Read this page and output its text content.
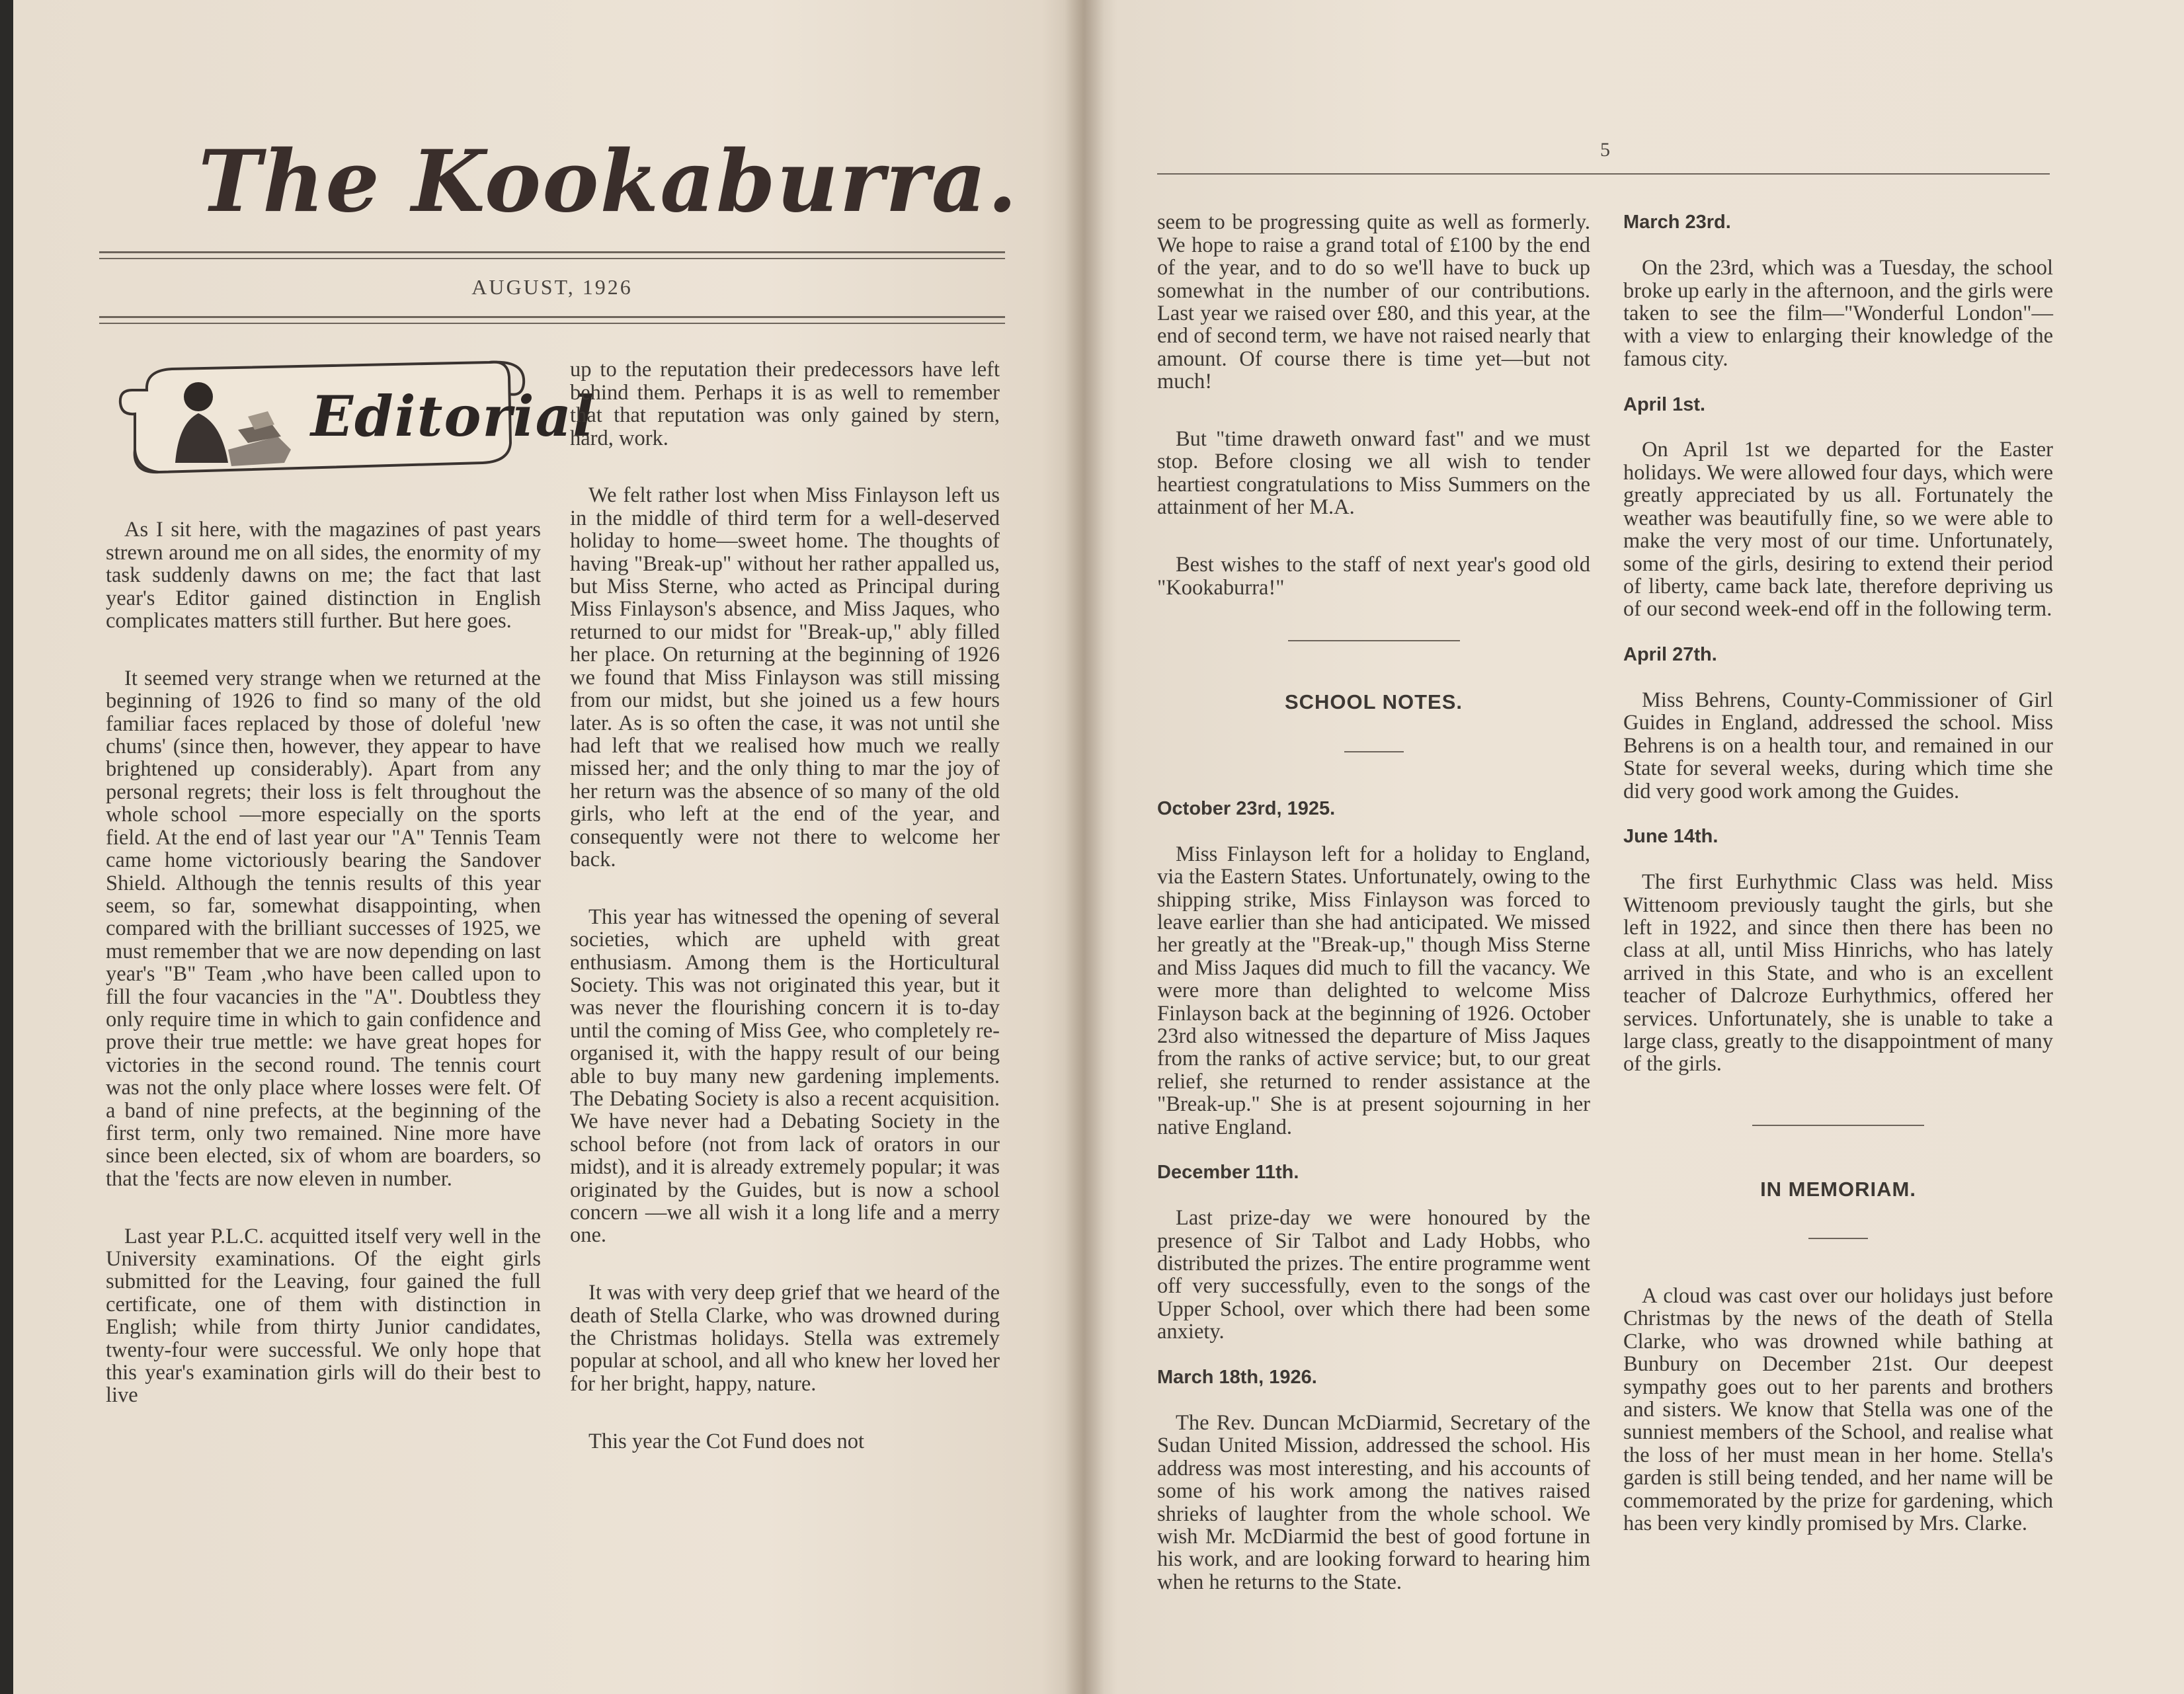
The Kookaburra.
AUGUST, 1926
Editorial

As I sit here, with the magazines of past years strewn around me on all sides, the enormity of my task suddenly dawns on me; the fact that last year's Editor gained distinction in English complicates matters still further. But here goes.

It seemed very strange when we returned at the beginning of 1926 to find so many of the old familiar faces replaced by those of doleful 'new chums' (since then, however, they appear to have brightened up considerably). Apart from any personal regrets; their loss is felt throughout the whole school —more especially on the sports field. At the end of last year our "A" Tennis Team came home victoriously bearing the Sandover Shield. Although the tennis results of this year seem, so far, somewhat disappointing, when compared with the brilliant successes of 1925, we must remember that we are now depending on last year's "B" Team ,who have been called upon to fill the four vacancies in the "A". Doubtless they only require time in which to gain confidence and prove their true mettle: we have great hopes for victories in the second round. The tennis court was not the only place where losses were felt. Of a band of nine prefects, at the beginning of the first term, only two remained. Nine more have since been elected, six of whom are boarders, so that the 'fects are now eleven in number.

Last year P.L.C. acquitted itself very well in the University examinations. Of the eight girls submitted for the Leaving, four gained the full certificate, one of them with distinction in English; while from thirty Junior candidates, twenty-four were successful. We only hope that this year's examination girls will do their best to live

up to the reputation their predecessors have left behind them. Perhaps it is as well to remember that that reputation was only gained by stern, hard, work.

We felt rather lost when Miss Finlayson left us in the middle of third term for a well-deserved holiday to home—sweet home. The thoughts of having "Break-up" without her rather appalled us, but Miss Sterne, who acted as Principal during Miss Finlayson's absence, and Miss Jaques, who returned to our midst for "Break-up," ably filled her place. On returning at the beginning of 1926 we found that Miss Finlayson was still missing from our midst, but she joined us a few hours later. As is so often the case, it was not until she had left that we realised how much we really missed her; and the only thing to mar the joy of her return was the absence of so many of the old girls, who left at the end of the year, and consequently were not there to welcome her back.

This year has witnessed the opening of several societies, which are upheld with great enthusiasm. Among them is the Horticultural Society. This was not originated this year, but it was never the flourishing concern it is to-day until the coming of Miss Gee, who completely re-organised it, with the happy result of our being able to buy many new gardening implements. The Debating Society is also a recent acquisition. We have never had a Debating Society in the school before (not from lack of orators in our midst), and it is already extremely popular; it was originated by the Guides, but is now a school concern —we all wish it a long life and a merry one.

It was with very deep grief that we heard of the death of Stella Clarke, who was drowned during the Christmas holidays. Stella was extremely popular at school, and all who knew her loved her for her bright, happy, nature.

This year the Cot Fund does not

5

seem to be progressing quite as well as formerly. We hope to raise a grand total of £100 by the end of the year, and to do so we'll have to buck up somewhat in the number of our contributions. Last year we raised over £80, and this year, at the end of second term, we have not raised nearly that amount. Of course there is time yet—but not much!

But "time draweth onward fast" and we must stop. Before closing we all wish to tender heartiest congratulations to Miss Summers on the attainment of her M.A.

Best wishes to the staff of next year's good old "Kookaburra!"

SCHOOL NOTES.

October 23rd, 1925.

Miss Finlayson left for a holiday to England, via the Eastern States. Unfortunately, owing to the shipping strike, Miss Finlayson was forced to leave earlier than she had anticipated. We missed her greatly at the "Break-up," though Miss Sterne and Miss Jaques did much to fill the vacancy. We were more than delighted to welcome Miss Finlayson back at the beginning of 1926. October 23rd also witnessed the departure of Miss Jaques from the ranks of active service; but, to our great relief, she returned to render assistance at the "Break-up." She is at present sojourning in her native England.

December 11th.

Last prize-day we were honoured by the presence of Sir Talbot and Lady Hobbs, who distributed the prizes. The entire programme went off very successfully, even to the songs of the Upper School, over which there had been some anxiety.

March 18th, 1926.

The Rev. Duncan McDiarmid, Secretary of the Sudan United Mission, addressed the school. His address was most interesting, and his accounts of some of his work among the natives raised shrieks of laughter from the whole school. We wish Mr. McDiarmid the best of good fortune in his work, and are looking forward to hearing him when he returns to the State.

March 23rd.

On the 23rd, which was a Tuesday, the school broke up early in the afternoon, and the girls were taken to see the film—"Wonderful London"— with a view to enlarging their knowledge of the famous city.

April 1st.

On April 1st we departed for the Easter holidays. We were allowed four days, which were greatly appreciated by us all. Fortunately the weather was beautifully fine, so we were able to make the very most of our time. Unfortunately, some of the girls, desiring to extend their period of liberty, came back late, therefore depriving us of our second week-end off in the following term.

April 27th.

Miss Behrens, County-Commissioner of Girl Guides in England, addressed the school. Miss Behrens is on a health tour, and remained in our State for several weeks, during which time she did very good work among the Guides.

June 14th.

The first Eurhythmic Class was held. Miss Wittenoom previously taught the girls, but she left in 1922, and since then there has been no class at all, until Miss Hinrichs, who has lately arrived in this State, and who is an excellent teacher of Dalcroze Eurhythmics, offered her services. Unfortunately, she is unable to take a large class, greatly to the disappointment of many of the girls.

IN MEMORIAM.

A cloud was cast over our holidays just before Christmas by the news of the death of Stella Clarke, who was drowned while bathing at Bunbury on December 21st. Our deepest sympathy goes out to her parents and brothers and sisters. We know that Stella was one of the sunniest members of the School, and realise what the loss of her must mean in her home. Stella's garden is still being tended, and her name will be commemorated by the prize for gardening, which has been very kindly promised by Mrs. Clarke.
